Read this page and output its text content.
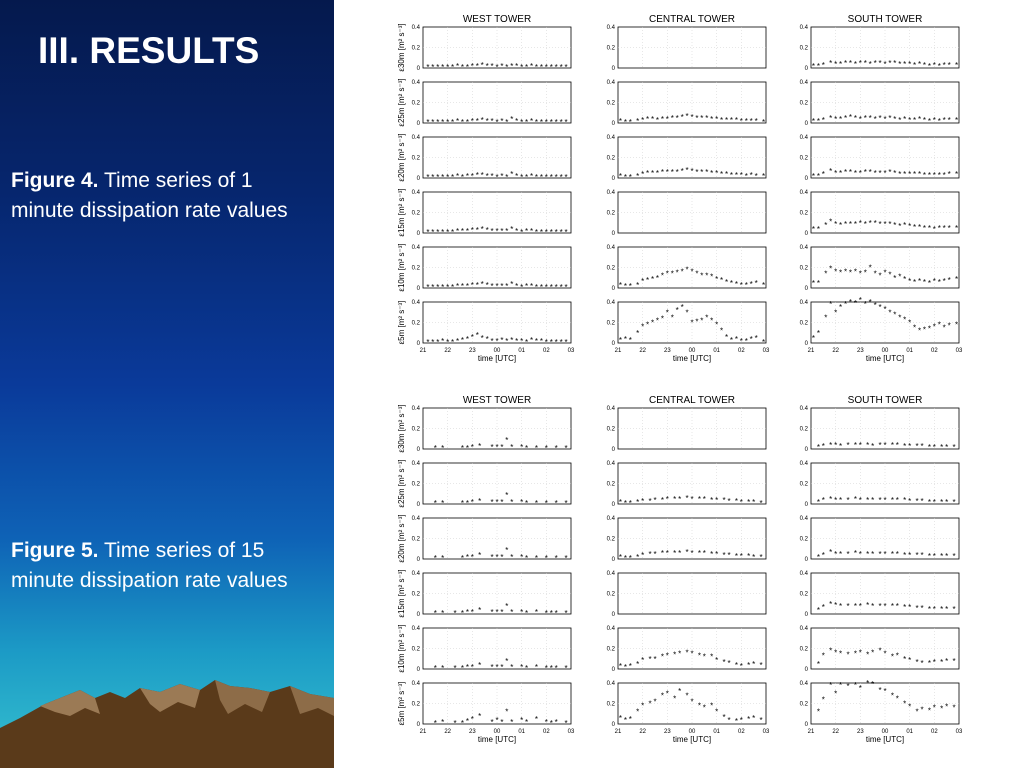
III. RESULTS

Figure 4. Time series of 1 minute dissipation rate values

Figure 5. Time series of 15 minute dissipation rate values

WEST TOWER	CENTRAL TOWER	SOUTH TOWER
ε30m [m² s⁻³] 0
0.2
0.4
* * * * * * * * * * * * * * * * * * * * * * * * * * * * *	0
0.2
0.4
0
0.2
0.4
* * * * * * * * * * * * * * * * * * * * * * * * * * * * *
ε25m [m² s⁻³] 0
0.2
0.4
* * * * * * * * * * * * * * * * * * * * * * * * * * * * *	0
0.2
0.4
* * * * * * * * * * * * * * * * * * * * * * * * * * * * *	0
0.2
0.4
* * * * * * * * * * * * * * * * * * * * * * * * * * * * *
ε20m [m² s⁻³] 0
0.2
0.4
* * * * * * * * * * * * * * * * * * * * * * * * * * * * *	0
0.2
0.4
* * * * * * * * * * * * * * * * * * * * * * * * * * * * *	0
0.2
0.4
* * * * * * * * * * * * * * * * * * * * * * * * * * * * *
ε15m [m² s⁻³] 0
0.2
0.4
* * * * * * * * * * * * * * * * * * * * * * * * * * * * *	0
0.2
0.4
0
0.2
0.4
* * * * * * * * * * * * * * * * * * * * * * * * * * * * *
ε10m [m² s⁻³] 0
0.2
0.4
* * * * * * * * * * * * * * * * * * * * * * * * * * * * *	0
0.2
0.4
* * * * * * * * * * * * * * * * * * * * * * * * * * * * *	0
0.2
0.4
* *
*
* * * * * * * *
*
* * * * * * * * * * * * * * * * *
ε5m [m² s⁻³] 0
0.2
0.4
* * * * * * * * * * * * * * * * * * * * * * * * * * * * *
21	22	23	00	01	02	03
time [UTC]
0
0.2
0.4
* * *
*
* * * * *
*
*
* *
*
* * * * * *
*
* * * * * * * *
21	22	23	00	01	02	03
time [UTC]
0
0.2
0.4
*
*
*
*
*
* * * * * * * * * * * * * * *
* * * * * * * * *
21	22	23	00	01	02	03
time [UTC]
WEST TOWER	CENTRAL TOWER	SOUTH TOWER
ε30m [m² s⁻³] 0
0.2
0.4
* * * * * * * * *
*
* * * * * * *	0
0.2
0.4
0
0.2
0.4
* * * * * * * * * * * * * * * * * * * * * * *
ε25m [m² s⁻³] 0
0.2
0.4
* * * * * * * * *
*
* * * * * * *	0
0.2
0.4
* * * * * * * * * * * * * * * * * * * * * * * *	0
0.2
0.4
* * * * * * * * * * * * * * * * * * * * * * *
ε20m [m² s⁻³] 0
0.2
0.4
* * * * * * * * *
*
* * * * * * *	0
0.2
0.4
* * * * * * * * * * * * * * * * * * * * * * * *	0
0.2
0.4
* * * * * * * * * * * * * * * * * * * * * * *
ε15m [m² s⁻³] 0
0.2
0.4
* * * * * * * * * *
*
* * * * * * * *	0
0.2
0.4
0
0.2
0.4
* * * * * * * * * * * * * * * * * * * * * * *
ε10m [m² s⁻³] 0
0.2
0.4
* * * * * * * * * *
*
* * * * * * * *	0
0.2
0.4
* * * * * * * * * * * * * * * * * * * * * * * *
0
0.2
0.4
*
*
* * * * * * * * * * * * * * * * * * * * *
ε5m [m² s⁻³] 0
0.2
0.4
* * * * * * *
* * *
*
* * * * * * * *
21	22	23	00	01	02	03
time [UTC]
0
0.2
0.4
* * *
*
* * *
* *
*
* *
* * * *
*
* * * * * * *
21	22	23	00	01	02	03
time [UTC]
0
0.2
0.4
*
*
*
*
* * * *
* *
* * * *
* *
* * * * * * *
21	22	23	00	01	02	03
time [UTC]
